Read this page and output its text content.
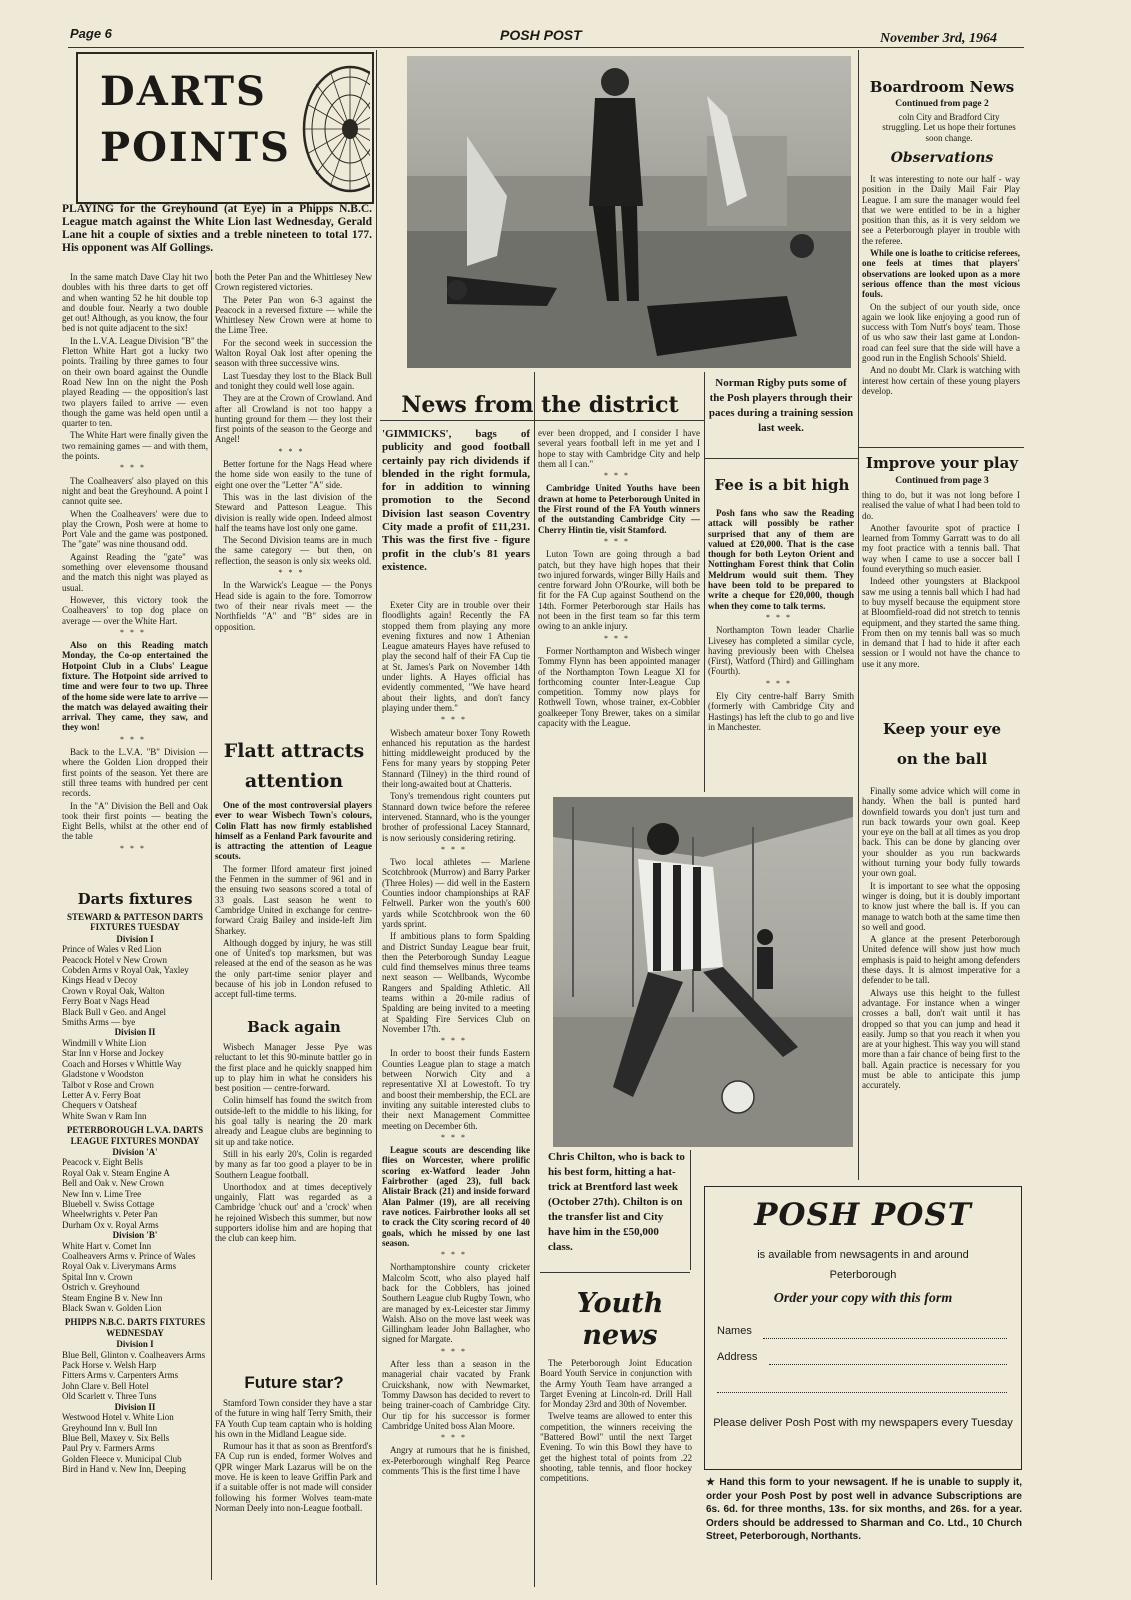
Page 6	POSH POST	November 3rd, 1964
DARTS
POINTS
PLAYING for the Greyhound (at Eye) in a Phipps N.B.C. League match against the White Lion last Wednesday, Gerald Lane hit a couple of sixties and a treble nineteen to total 177. His opponent was Alf Gollings.

In the same match Dave Clay hit two doubles with his three darts to get off and when wanting 52 he hit double top and double four. Nearly a two double get out! Although, as you know, the four bed is not quite adjacent to the six!

In the L.V.A. League Division "B" the Fletton White Hart got a lucky two points. Trailing by three games to four on their own board against the Oundle Road New Inn on the night the Posh played Reading — the opposition's last two players failed to arrive — even though the game was held open until a quarter to ten.

The White Hart were finally given the two remaining games — and with them, the points.

***

The Coalheavers' also played on this night and beat the Greyhound. A point I cannot quite see.

When the Coalheavers' were due to play the Crown, Posh were at home to Port Vale and the game was postponed. The "gate" was nine thousand odd.

Against Reading the "gate" was something over elevensome thousand and the match this night was played as usual.

However, this victory took the Coalheavers' to top dog place on average — over the White Hart.

***

Also on this Reading match Monday, the Co-op entertained the Hotpoint Club in a Clubs' League fixture. The Hotpoint side arrived to time and were four to two up. Three of the home side were late to arrive — the match was delayed awaiting their arrival. They came, they saw, and they won!

***

Back to the L.V.A. "B" Division — where the Golden Lion dropped their first points of the season. Yet there are still three teams with hundred per cent records.

In the "A" Division the Bell and Oak took their first points — beating the Eight Bells, whilst at the other end of the table

***

both the Peter Pan and the Whittlesey New Crown registered victories.

The Peter Pan won 6-3 against the Peacock in a reversed fixture — while the Whittlesey New Crown were at home to the Lime Tree.

For the second week in succession the Walton Royal Oak lost after opening the season with three successive wins.

Last Tuesday they lost to the Black Bull and tonight they could well lose again.

They are at the Crown of Crowland. And after all Crowland is not too happy a hunting ground for them — they lost their first points of the season to the George and Angel!

***

Better fortune for the Nags Head where the home side won easily to the tune of eight one over the "Letter "A" side.

This was in the last division of the Steward and Patteson League. This division is really wide open. Indeed almost half the teams have lost only one game.

The Second Division teams are in much the same category — but then, on reflection, the season is only six weeks old.

***

In the Warwick's League — the Ponys Head side is again to the fore. Tomorrow two of their near rivals meet — the Northfields "A" and "B" sides are in opposition.

Darts fixtures
STEWARD & PATTESON DARTS FIXTURES TUESDAY
Division I
Prince of Wales v Red Lion
Peacock Hotel v New Crown
Cobden Arms v Royal Oak, Yaxley
Kings Head v Decoy
Crown v Royal Oak, Walton
Ferry Boat v Nags Head
Black Bull v Geo. and Angel
Smiths Arms — bye
Division II
Windmill v White Lion
Star Inn v Horse and Jockey
Coach and Horses v Whittle Way
Gladstone v Woodston
Talbot v Rose and Crown
Letter A v. Ferry Boat
Chequers v Oatsheaf
White Swan v Ram Inn
PETERBOROUGH L.V.A. DARTS LEAGUE FIXTURES MONDAY
Division 'A'
Peacock v. Eight Bells
Royal Oak v. Steam Engine A
Bell and Oak v. New Crown
New Inn v. Lime Tree
Bluebell v. Swiss Cottage
Wheelwrights v. Peter Pan
Durham Ox v. Royal Arms
Division 'B'
White Hart v. Comet Inn
Coalheavers Arms v. Prince of Wales
Royal Oak v. Liverymans Arms
Spital Inn v. Crown
Ostrich v. Greyhound
Steam Engine B v. New Inn
Black Swan v. Golden Lion
PHIPPS N.B.C. DARTS FIXTURES WEDNESDAY
Division I
Blue Bell, Glinton v. Coalheavers Arms
Pack Horse v. Welsh Harp
Fitters Arms v. Carpenters Arms
John Clare v. Bell Hotel
Old Scarlett v. Three Tuns
Division II
Westwood Hotel v. White Lion
Greyhound Inn v. Bull Inn
Blue Bell, Maxey v. Six Bells
Paul Pry v. Farmers Arms
Golden Fleece v. Municipal Club
Bird in Hand v. New Inn, Deeping
Flatt attracts
attention

One of the most controversial players ever to wear Wisbech Town's colours, Colin Flatt has now firmly established himself as a Fenland Park favourite and is attracting the attention of League scouts.

The former Ilford amateur first joined the Fenmen in the summer of 961 and in the ensuing two seasons scored a total of 33 goals. Last season he went to Cambridge United in exchange for centre-forward Craig Bailey and inside-left Jim Sharkey.

Although dogged by injury, he was still one of United's top marksmen, but was released at the end of the season as he was the only part-time senior player and because of his job in London refused to accept full-time terms.

Back again

Wisbech Manager Jesse Pye was reluctant to let this 90-minute battler go in the first place and he quickly snapped him up to play him in what he considers his best position — centre-forward.

Colin himself has found the switch from outside-left to the middle to his liking, for his goal tally is nearing the 20 mark already and League clubs are beginning to sit up and take notice.

Still in his early 20's, Colin is regarded by many as far too good a player to be in Southern League football.

Unorthodox and at times deceptively ungainly, Flatt was regarded as a Cambridge 'chuck out' and a 'crock' when he rejoined Wisbech this summer, but now supporters idolise him and are hoping that the club can keep him.

Future star?

Stamford Town consider they have a star of the future in wing half Terry Smith, their FA Youth Cup team captain who is holding his own in the Midland League side.

Rumour has it that as soon as Brentford's FA Cup run is ended, former Wolves and QPR winger Mark Lazarus will be on the move. He is keen to leave Griffin Park and if a suitable offer is not made will consider following his former Wolves team-mate Norman Deely into non-League football.

Norman Rigby puts some of the Posh players through their paces during a training session last week.
News from the district
'GIMMICKS', bags of publicity and good football certainly pay rich dividends if blended in the right formula, for in addition to winning promotion to the Second Division last season Coventry City made a profit of £11,231. This was the first five - figure profit in the club's 81 years existence.

Exeter City are in trouble over their floodlights again! Recently the FA stopped them from playing any more evening fixtures and now 1 Athenian League amateurs Hayes have refused to play the second half of their FA Cup tie at St. James's Park on November 14th under lights. A Hayes official has evidently commented, "We have heard about their lights, and don't fancy playing under them."

***

Wisbech amateur boxer Tony Roweth enhanced his reputation as the hardest hitting middleweight produced by the Fens for many years by stopping Peter Stannard (Tilney) in the third round of their long-awaited bout at Chatteris.

Tony's tremendous right counters put Stannard down twice before the referee intervened. Stannard, who is the younger brother of professional Lacey Stannard, is now seriously considering retiring.

***

Two local athletes — Marlene Scotchbrook (Murrow) and Barry Parker (Three Holes) — did well in the Eastern Counties indoor championships at RAF Feltwell. Parker won the youth's 600 yards while Scotchbrook won the 60 yards sprint.

If ambitious plans to form Spalding and District Sunday League bear fruit, then the Peterborough Sunday League culd find themselves minus three teams next season — Wellbands, Wycombe Rangers and Spalding Athletic. All teams within a 20-mile radius of Spalding are being invited to a meeting at Spalding Fire Services Club on November 17th.

***

In order to boost their funds Eastern Counties League plan to stage a match between Norwich City and a representative XI at Lowestoft. To try and boost their membership, the ECL are inviting any suitable interested clubs to their next Management Committee meeting on December 6th.

***

League scouts are descending like flies on Worcester, where prolific scoring ex-Watford leader John Fairbrother (aged 23), full back Alistair Brack (21) and inside forward Alan Palmer (19), are all receiving rave notices. Fairbrother looks all set to crack the City scoring record of 40 goals, which he missed by one last season.

***

Northamptonshire county cricketer Malcolm Scott, who also played half back for the Cobblers, has joined Southern League club Rugby Town, who are managed by ex-Leicester star Jimmy Walsh. Also on the move last week was Gillingham leader John Ballagher, who signed for Margate.

***

After less than a season in the managerial chair vacated by Frank Cruickshank, now with Newmarket, Tommy Dawson has decided to revert to being trainer-coach of Cambridge City. Our tip for his successor is former Cambridge United boss Alan Moore.

***

Angry at rumours that he is finished, ex-Peterborough winghalf Reg Pearce comments 'This is the first time I have

ever been dropped, and I consider I have several years football left in me yet and I hope to stay with Cambridge City and help them all I can."

***

Cambridge United Youths have been drawn at home to Peterborough United in the First round of the FA Youth winners of the outstanding Cambridge City — Cherry Hintin tie, visit Stamford.

***

Luton Town are going through a bad patch, but they have high hopes that their two injured forwards, winger Billy Hails and centre forward John O'Rourke, will both be fit for the FA Cup against Southend on the 14th. Former Peterborough star Hails has not been in the first team so far this term owing to an ankle injury.

***

Former Northampton and Wisbech winger Tommy Flynn has been appointed manager of the Northampton Town League XI for forthcoming counter Inter-League Cup competition. Tommy now plays for Rothwell Town, whose trainer, ex-Cobbler goalkeeper Tony Brewer, takes on a similar capacity with the League.

Fee is a bit high

Posh fans who saw the Reading attack will possibly be rather surprised that any of them are valued at £20,000. That is the case though for both Leyton Orient and Nottingham Forest think that Colin Meldrum would suit them. They have been told to be prepared to write a cheque for £20,000, though when they come to talk terms.

***

Northampton Town leader Charlie Livesey has completed a similar cycle, having previously been with Chelsea (First), Watford (Third) and Gillingham (Fourth).

***

Ely City centre-half Barry Smith (formerly with Cambridge City and Hastings) has left the club to go and live in Manchester.

Chris Chilton, who is back to his best form, hitting a hat-trick at Brentford last week (October 27th). Chilton is on the transfer list and City have him in the £50,000 class.
Youth
news

The Peterborough Joint Education Board Youth Service in conjunction with the Army Youth Team have arranged a Target Evening at Lincoln-rd. Drill Hall for Monday 23rd and 30th of November.

Twelve teams are allowed to enter this competition, the winners receiving the "Battered Bowl" until the next Target Evening. To win this Bowl they have to get the highest total of points from .22 shooting, table tennis, and floor hockey competitions.

Boardroom News
Continued from page 2
coln City and Bradford City struggling. Let us hope their fortunes soon change.
Observations

It was interesting to note our half - way position in the Daily Mail Fair Play League. I am sure the manager would feel that we were entitled to be in a higher position than this, as it is very seldom we see a Peterborough player in trouble with the referee.

While one is loathe to criticise referees, one feels at times that players' observations are looked upon as a more serious offence than the most vicious fouls.

On the subject of our youth side, once again we look like enjoying a good run of success with Tom Nutt's boys' team. Those of us who saw their last game at London-road can feel sure that the side will have a good run in the English Schools' Shield.

And no doubt Mr. Clark is watching with interest how certain of these young players develop.

Improve your play
Continued from page 3

thing to do, but it was not long before I realised the value of what I had been told to do.

Another favourite spot of practice I learned from Tommy Garratt was to do all my foot practice with a tennis ball. That way when I came to use a soccer ball I found everything so much easier.

Indeed other youngsters at Blackpool saw me using a tennis ball which I had had to buy myself because the equipment store at Bloomfield-road did not stretch to tennis equipment, and they started the same thing. From then on my tennis ball was so much in demand that I had to hide it after each session or I would not have the chance to use it any more.

Keep your eye
on the ball

Finally some advice which will come in handy. When the ball is punted hard downfield towards you don't just turn and run back towards your own goal. Keep your eye on the ball at all times as you drop back. This can be done by glancing over your shoulder as you run backwards without turning your body fully towards your own goal.

It is important to see what the opposing winger is doing, but it is doubly important to know just where the ball is. If you can manage to watch both at the same time then so well and good.

A glance at the present Peterborough United defence will show just how much emphasis is paid to height among defenders these days. It is almost imperative for a defender to be tall.

Always use this height to the fullest advantage. For instance when a winger crosses a ball, don't wait until it has dropped so that you can jump and head it easily. Jump so that you reach it when you are at your highest. This way you will stand more than a fair chance of being first to the ball. Again practice is necessary for you must be able to anticipate this jump accurately.

POSH POST
is available from newsagents in and around
Peterborough
Order your copy with this form
Names
Address
Please deliver Posh Post with my newspapers every Tuesday
★ Hand this form to your newsagent. If he is unable to supply it, order your Posh Post by post well in advance Subscriptions are 6s. 6d. for three months, 13s. for six months, and 26s. for a year. Orders should be addressed to Sharman and Co. Ltd., 10 Church Street, Peterborough, Northants.
